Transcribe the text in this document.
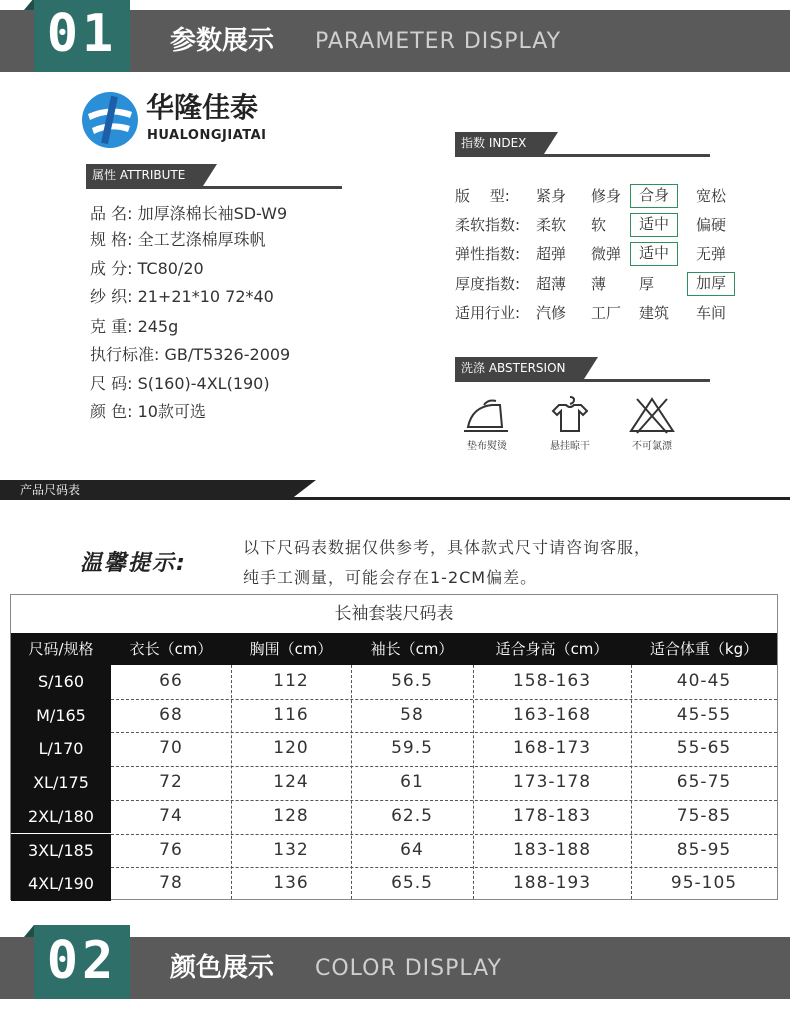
01	参数展示 PARAMETER DISPLAY
华隆佳泰
HUALONGJIATAI
属性 ATTRIBUTE
品 名: 加厚涤棉长袖SD-W9
规 格: 全工艺涤棉厚珠帆
成 分: TC80/20
纱 织: 21+21*10 72*40
克 重: 245g
执行标准: GB/T5326-2009
尺 码: S(160)-4XL(190)
颜 色: 10款可选
指数 INDEX
版　 型: 紧身 修身	合身	宽松
柔软指数: 柔软 软	适中	偏硬
弹性指数: 超弹 微弹	适中	无弹
厚度指数: 超薄 薄 厚	加厚
适用行业: 汽修 工厂 建筑 车间
洗涤 ABSTERSION
垫布熨烫	悬挂晾干	不可氯漂
产品尺码表
温馨提示:
以下尺码表数据仅供参考，具体款式尺寸请咨询客服，
纯手工测量，可能会存在1-2CM偏差。
长袖套装尺码表
尺码/规格	衣长（cm）	胸围（cm）	袖长（cm）	适合身高（cm）	适合体重（kg）
S/160	66	112	56.5	158-163	40-45
M/165	68	116	58	163-168	45-55
L/170	70	120	59.5	168-173	55-65
XL/175	72	124	61	173-178	65-75
2XL/180	74	128	62.5	178-183	75-85
3XL/185	76	132	64	183-188	85-95
4XL/190	78	136	65.5	188-193	95-105
02	颜色展示 COLOR DISPLAY
